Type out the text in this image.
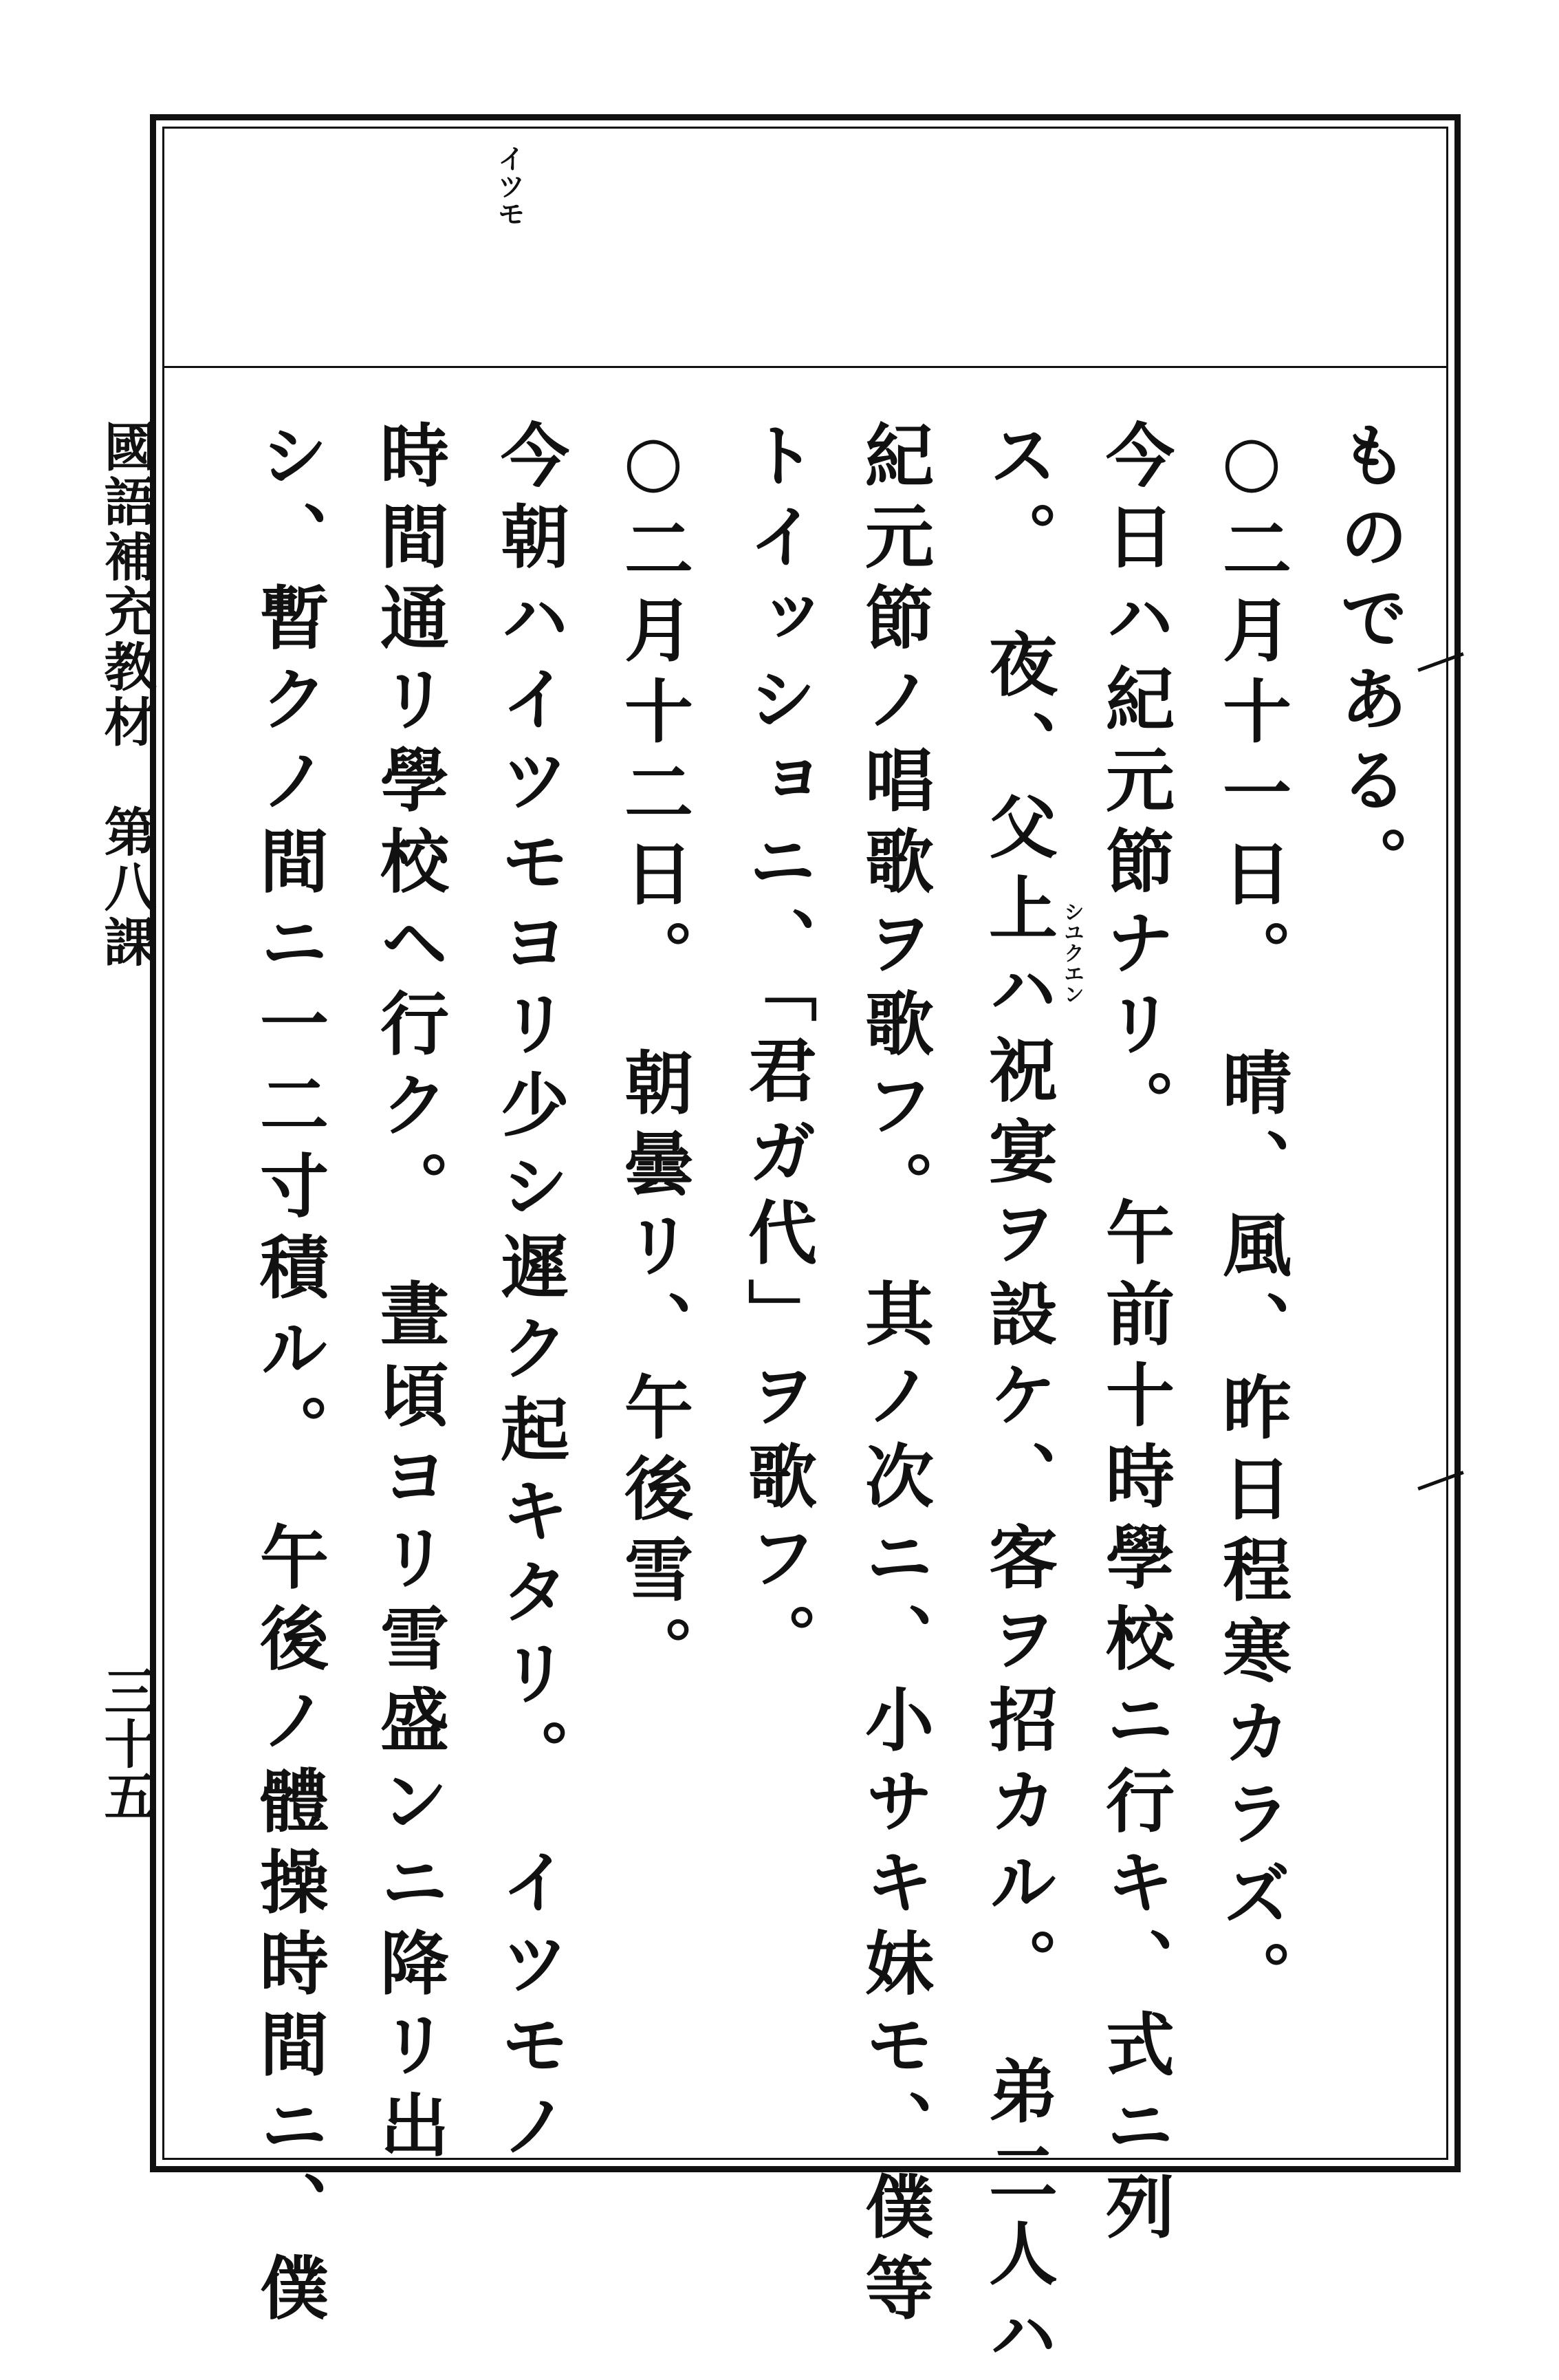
イツモ

國語補充教材　第八課

三十五

ものである。

○二月十一日。　晴、風、昨日程寒カラズ。

今日ハ紀元節ナリ。　午前十時學校ニ行キ、式ニ列

ス。　夜、父上ハ祝宴ヲ設ケ、客ヲ招カル。　弟二人ハ

紀元節ノ唱歌ヲ歌フ。　其ノ次ニ、小サキ妹モ、僕等

トイッショニ、「君ガ代」ヲ歌フ。

○二月十二日。　朝曇リ、午後雪。

今朝ハイツモヨリ少シ遲ク起キタリ。　イツモノ

時間通リ學校ヘ行ク。　晝頃ヨリ雪盛ンニ降リ出

シ、暫クノ間ニ一二寸積ル。　午後ノ體操時間ニ、僕	シユクエン
